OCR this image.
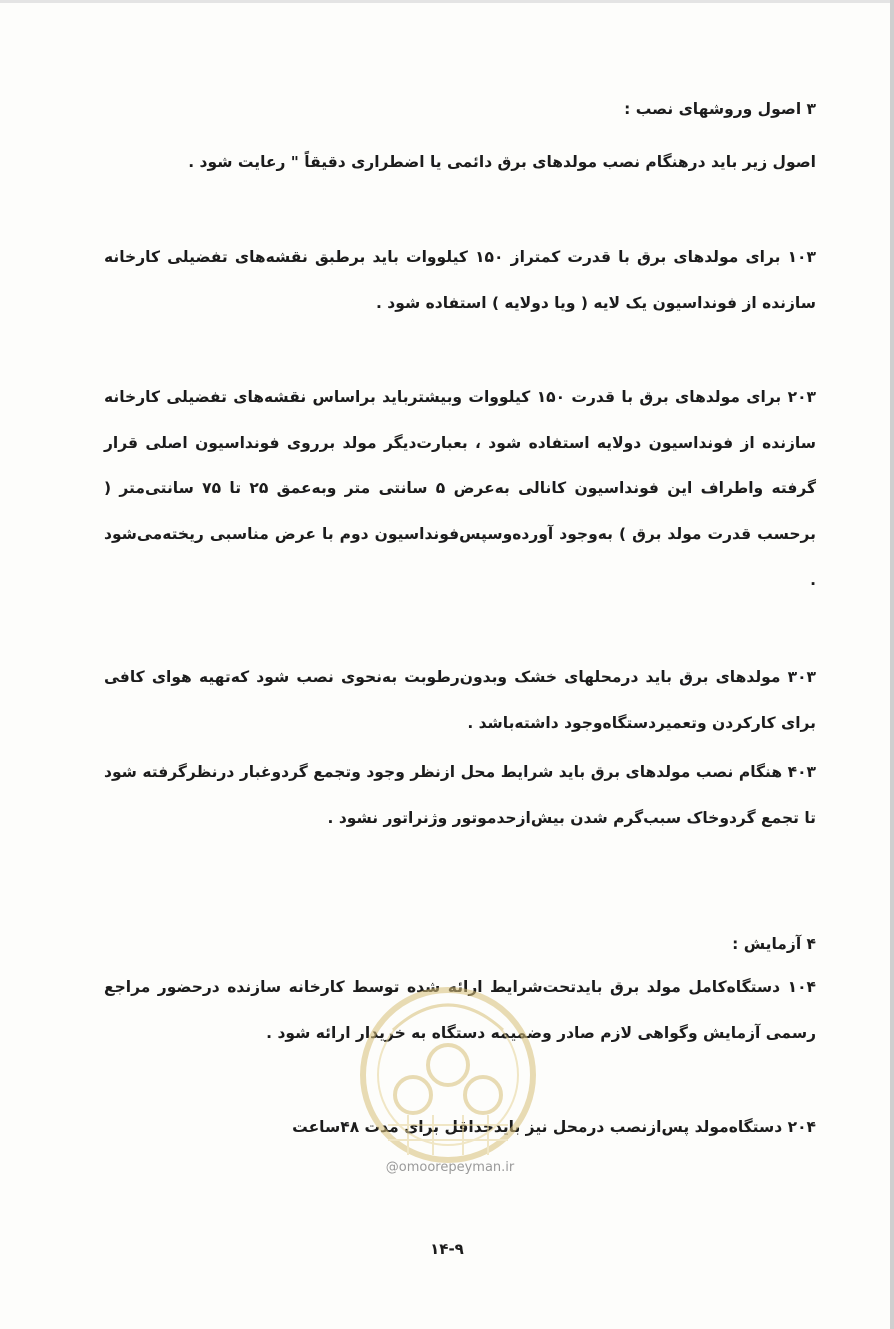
۳ اصول وروشهای نصب :

اصول زیر باید درهنگام نصب مولدهای برق دائمی یا اضطراری دقیقاً " رعایت شود .

۱۰۳ برای مولدهای برق با قدرت کمتراز ۱۵۰ کیلووات باید برطبق نقشه‌های تفضیلی کارخانه سازنده از فونداسیون یک لایه ( ویا دولایه ) استفاده شود .

۲۰۳ برای مولدهای برق با قدرت ۱۵۰ کیلووات وبیشترباید براساس نقشه‌های تفضیلی کارخانه سازنده از فونداسیون دولایه استفاده شود ، بعبارت‌دیگر مولد برروی فونداسیون اصلی قرار گرفته واطراف این فونداسیون کانالی به‌عرض ۵ سانتی متر وبه‌عمق ۲۵ تا ۷۵ سانتی‌متر ( برحسب قدرت مولد برق ) به‌وجود آورده‌وسپس‌فونداسیون دوم با عرض مناسبی ریخته‌می‌شود .

۳۰۳ مولدهای برق باید درمحلهای خشک وبدون‌رطوبت به‌نحوی نصب شود که‌تهیه هوای کافی برای کارکردن وتعمیردستگاه‌وجود داشته‌باشد .

۴۰۳ هنگام نصب مولدهای برق باید شرایط محل ازنظر وجود وتجمع گردوغبار درنظرگرفته شود تا تجمع گردوخاک سبب‌گرم شدن بیش‌ازحدموتور وژنراتور نشود .

۴ آزمایش :

۱۰۴ دستگاه‌کامل مولد برق بایدتحت‌شرایط ارائه شده توسط کارخانه سازنده درحضور مراجع رسمی آزمایش وگواهی لازم صادر وضمیمه دستگاه به خریدار ارائه شود .

۲۰۴ دستگاه‌مولد پس‌ازنصب درمحل نیز باید‌حداقل برای مدت ۴۸ساعت

@omoorepeyman.ir
۱۴-۹
